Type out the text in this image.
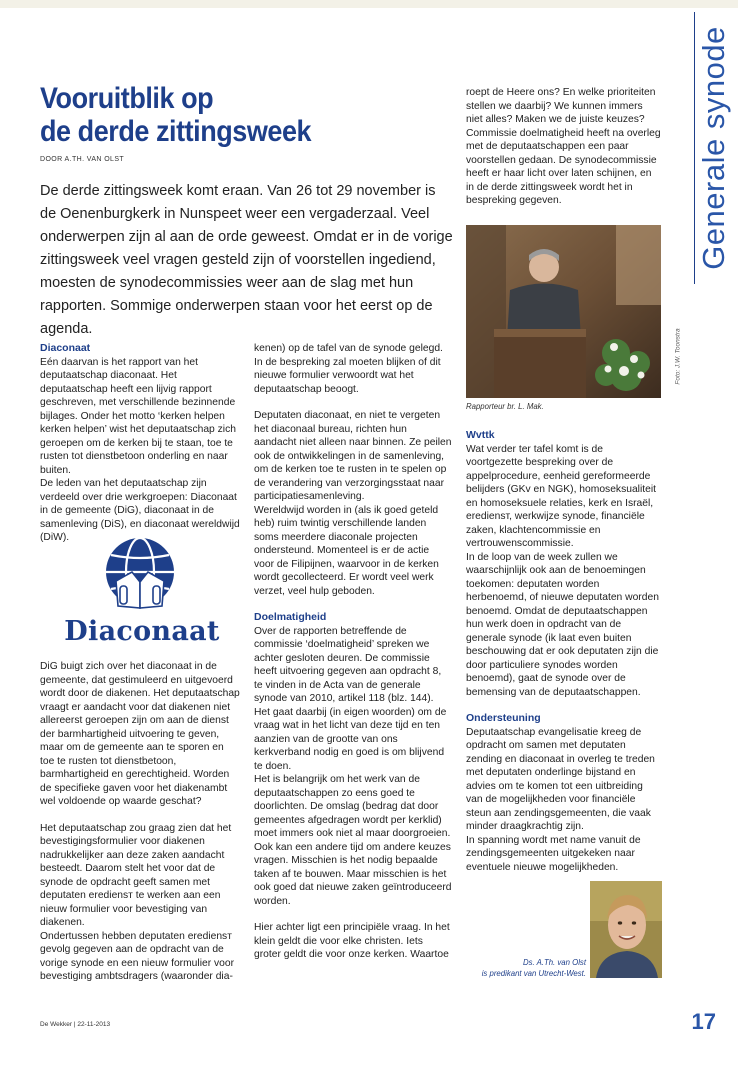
Generale synode
Vooruitblik op
de derde zittingsweek
DOOR A.TH. VAN OLST

De derde zittingsweek komt eraan. Van 26 tot 29 november is de Oenenburgkerk in Nunspeet weer een vergaderzaal. Veel onderwerpen zijn al aan de orde geweest. Omdat er in de vorige zittingsweek veel vragen gesteld zijn of voorstellen ingediend, moesten de synodecommissies weer aan de slag met hun rapporten. Sommige onderwerpen staan voor het eerst op de agenda.

Diaconaat

Eén daarvan is het rapport van het deputaatschap diaconaat. Het deputaatschap heeft een lijvig rapport geschreven, met verschillende bezinnende bijlages. Onder het motto ‘kerken helpen kerken helpen’ wist het deputaatschap zich geroepen om de kerken bij te staan, toe te rusten tot dienstbetoon onderling en naar buiten.

De leden van het deputaatschap zijn verdeeld over drie werkgroepen: Diaconaat in de gemeente (DiG), diaconaat in de samenleving (DiS), en diaconaat wereldwijd (DiW).

Diaconaat

DiG buigt zich over het diaconaat in de gemeente, dat gestimuleerd en uitgevoerd wordt door de diakenen. Het deputaatschap vraagt er aandacht voor dat diakenen niet allereerst geroepen zijn om aan de dienst der barmhartigheid uitvoering te geven, maar om de gemeente aan te sporen en toe te rusten tot dienstbetoon, barmhartigheid en gerechtigheid. Worden de specifieke gaven voor het diakenambt wel voldoende op waarde geschat?

Het deputaatschap zou graag zien dat het bevestigingsformulier voor diakenen nadrukkelijker aan deze zaken aandacht besteedt. Daarom stelt het voor dat de synode de opdracht geeft samen met deputaten erediensт te werken aan een nieuw formulier voor bevestiging van diakenen.

Ondertussen hebben deputaten erediensт gevolg gegeven aan de opdracht van de vorige synode en een nieuw formulier voor bevestiging ambtsdragers (waaronder dia-

kenen) op de tafel van de synode gelegd. In de bespreking zal moeten blijken of dit nieuwe formulier verwoordt wat het deputaatschap beoogt.

Deputaten diaconaat, en niet te vergeten het diaconaal bureau, richten hun aandacht niet alleen naar binnen. Ze peilen ook de ontwikkelingen in de samenleving, om de kerken toe te rusten in te spelen op de verandering van verzorgingsstaat naar participatiesamenleving.

Wereldwijd worden in (als ik goed geteld heb) ruim twintig verschillende landen soms meerdere diaconale projecten ondersteund. Momenteel is er de actie voor de Filipijnen, waarvoor in de kerken wordt gecollecteerd. Er wordt veel werk verzet, veel hulp geboden.

Doelmatigheid

Over de rapporten betreffende de commissie ‘doelmatigheid’ spreken we achter gesloten deuren. De commissie heeft uitvoering gegeven aan opdracht 8, te vinden in de Acta van de generale synode van 2010, artikel 118 (blz. 144). Het gaat daarbij (in eigen woorden) om de vraag wat in het licht van deze tijd en ten aanzien van de grootte van ons kerkverband nodig en goed is om blijvend te doen.

Het is belangrijk om het werk van de deputaatschappen zo eens goed te doorlichten. De omslag (bedrag dat door gemeentes afgedragen wordt per kerklid) moet immers ook niet al maar doorgroeien. Ook kan een andere tijd om andere keuzes vragen. Misschien is het nodig bepaalde taken af te bouwen. Maar misschien is het ook goed dat nieuwe zaken geïntroduceerd worden.

Hier achter ligt een principiële vraag. In het klein geldt die voor elke christen. Iets groter geldt die voor onze kerken. Waartoe

roept de Heere ons? En welke prioriteiten stellen we daarbij? We kunnen immers niet alles? Maken we de juiste keuzes? Commissie doelmatigheid heeft na overleg met de deputaatschappen een paar voorstellen gedaan. De synodecommissie heeft er haar licht over laten schijnen, en in de derde zittingsweek wordt het in bespreking gegeven.

Foto: J.W. Toonstra
Rapporteur br. L. Mak.
Wvttk

Wat verder ter tafel komt is de voortgezette bespreking over de appelprocedure, eenheid gereformeerde belijders (GKv en NGK), homoseksualiteit en homoseksuele relaties, kerk en Israël, erediensт, werkwijze synode, financiële zaken, klachtencommissie en vertrouwenscommissie.

In de loop van de week zullen we waarschijnlijk ook aan de benoemingen toekomen: deputaten worden herbenoemd, of nieuwe deputaten worden benoemd. Omdat de deputaatschappen hun werk doen in opdracht van de generale synode (ik laat even buiten beschouwing dat er ook deputaten zijn die door particuliere synodes worden benoemd), gaat de synode over de bemensing van de deputaatschappen.

Ondersteuning

Deputaatschap evangelisatie kreeg de opdracht om samen met deputaten zending en diaconaat in overleg te treden met deputaten onderlinge bijstand en advies om te komen tot een uitbreiding van de mogelijkheden voor financiële steun aan zendingsgemeenten, die vaak minder draagkrachtig zijn.

In spanning wordt met name vanuit de zendingsgemeenten uitgekeken naar eventuele nieuwe mogelijkheden.

Ds. A.Th. van Olst
is predikant van Utrecht-West.
De Wekker | 22-11-2013	17
